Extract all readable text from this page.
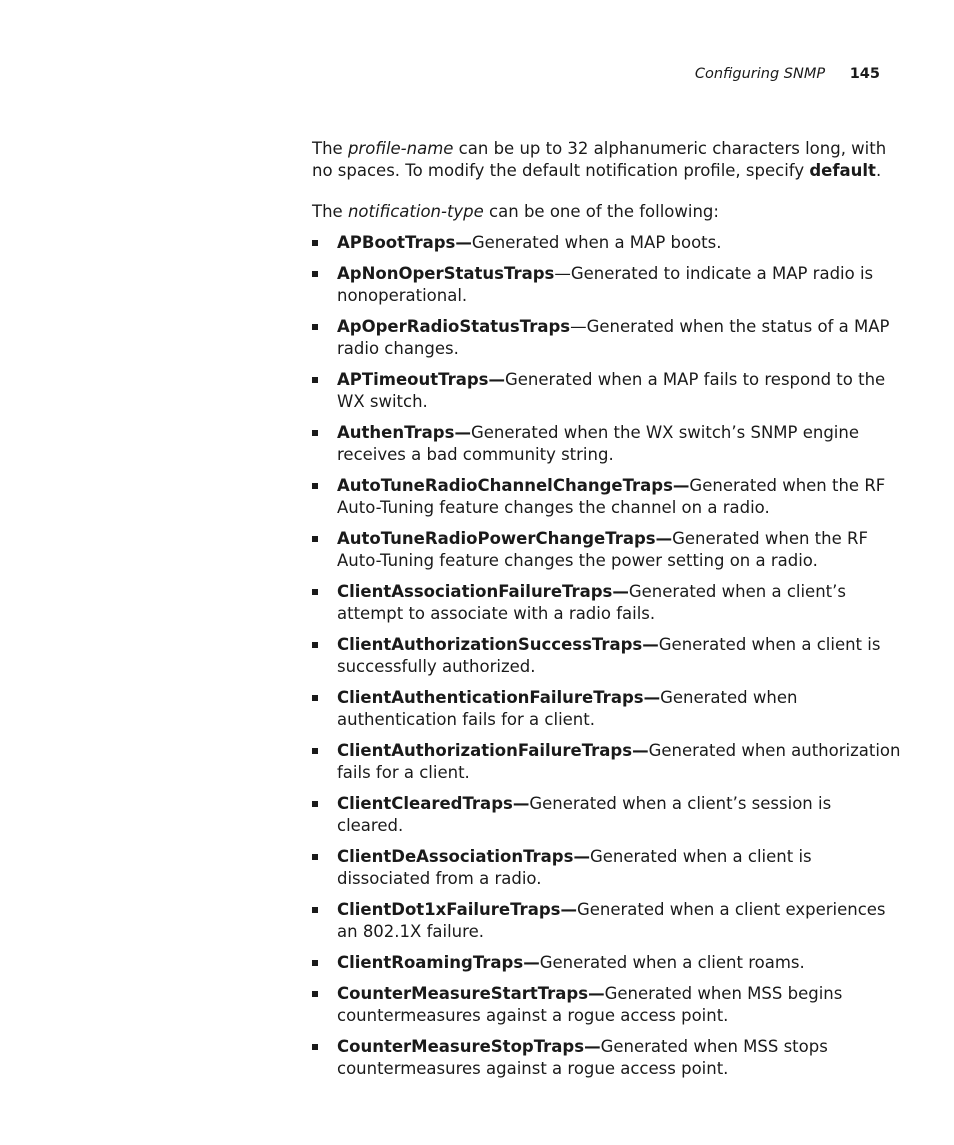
Configuring SNMP 145

The profile-name can be up to 32 alphanumeric characters long, with no spaces. To modify the default notification profile, specify default.

The notification-type can be one of the following:

APBootTraps—Generated when a MAP boots.
ApNonOperStatusTraps—Generated to indicate a MAP radio is nonoperational.
ApOperRadioStatusTraps—Generated when the status of a MAP radio changes.
APTimeoutTraps—Generated when a MAP fails to respond to the WX switch.
AuthenTraps—Generated when the WX switch’s SNMP engine receives a bad community string.
AutoTuneRadioChannelChangeTraps—Generated when the RF Auto-Tuning feature changes the channel on a radio.
AutoTuneRadioPowerChangeTraps—Generated when the RF Auto-Tuning feature changes the power setting on a radio.
ClientAssociationFailureTraps—Generated when a client’s attempt to associate with a radio fails.
ClientAuthorizationSuccessTraps—Generated when a client is successfully authorized.
ClientAuthenticationFailureTraps—Generated when authentication fails for a client.
ClientAuthorizationFailureTraps—Generated when authorization fails for a client.
ClientClearedTraps—Generated when a client’s session is cleared.
ClientDeAssociationTraps—Generated when a client is dissociated from a radio.
ClientDot1xFailureTraps—Generated when a client experiences an 802.1X failure.
ClientRoamingTraps—Generated when a client roams.
CounterMeasureStartTraps—Generated when MSS begins countermeasures against a rogue access point.
CounterMeasureStopTraps—Generated when MSS stops countermeasures against a rogue access point.
